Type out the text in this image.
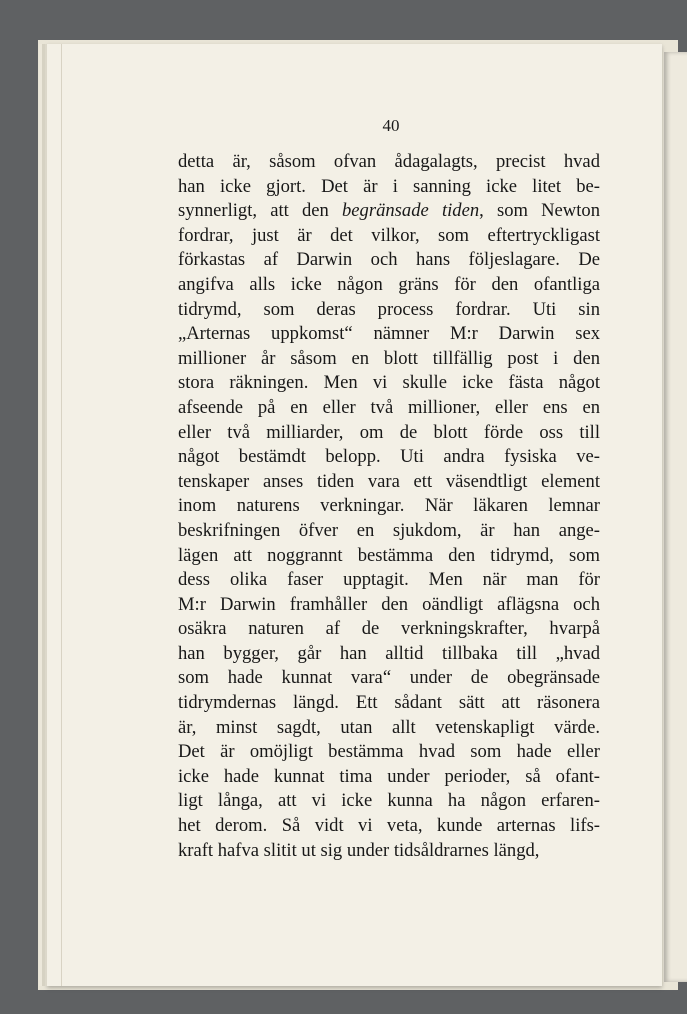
40
detta är, såsom ofvan ådagalagts, precist hvad
han icke gjort. Det är i sanning icke litet be-
synnerligt, att den begränsade tiden, som Newton
fordrar, just är det vilkor, som eftertryckligast
förkastas af Darwin och hans följeslagare. De
angifva alls icke någon gräns för den ofantliga
tidrymd, som deras process fordrar. Uti sin
„Arternas uppkomst“ nämner M:r Darwin sex
millioner år såsom en blott tillfällig post i den
stora räkningen. Men vi skulle icke fästa något
afseende på en eller två millioner, eller ens en
eller två milliarder, om de blott förde oss till
något bestämdt belopp. Uti andra fysiska ve-
tenskaper anses tiden vara ett väsendtligt element
inom naturens verkningar. När läkaren lemnar
beskrifningen öfver en sjukdom, är han ange-
lägen att noggrannt bestämma den tidrymd, som
dess olika faser upptagit. Men när man för
M:r Darwin framhåller den oändligt aflägsna och
osäkra naturen af de verkningskrafter, hvarpå
han bygger, går han alltid tillbaka till „hvad
som hade kunnat vara“ under de obegränsade
tidrymdernas längd. Ett sådant sätt att räsonera
är, minst sagdt, utan allt vetenskapligt värde.
Det är omöjligt bestämma hvad som hade eller
icke hade kunnat tima under perioder, så ofant-
ligt långa, att vi icke kunna ha någon erfaren-
het derom. Så vidt vi veta, kunde arternas lifs-
kraft hafva slitit ut sig under tidsåldrarnes längd,
